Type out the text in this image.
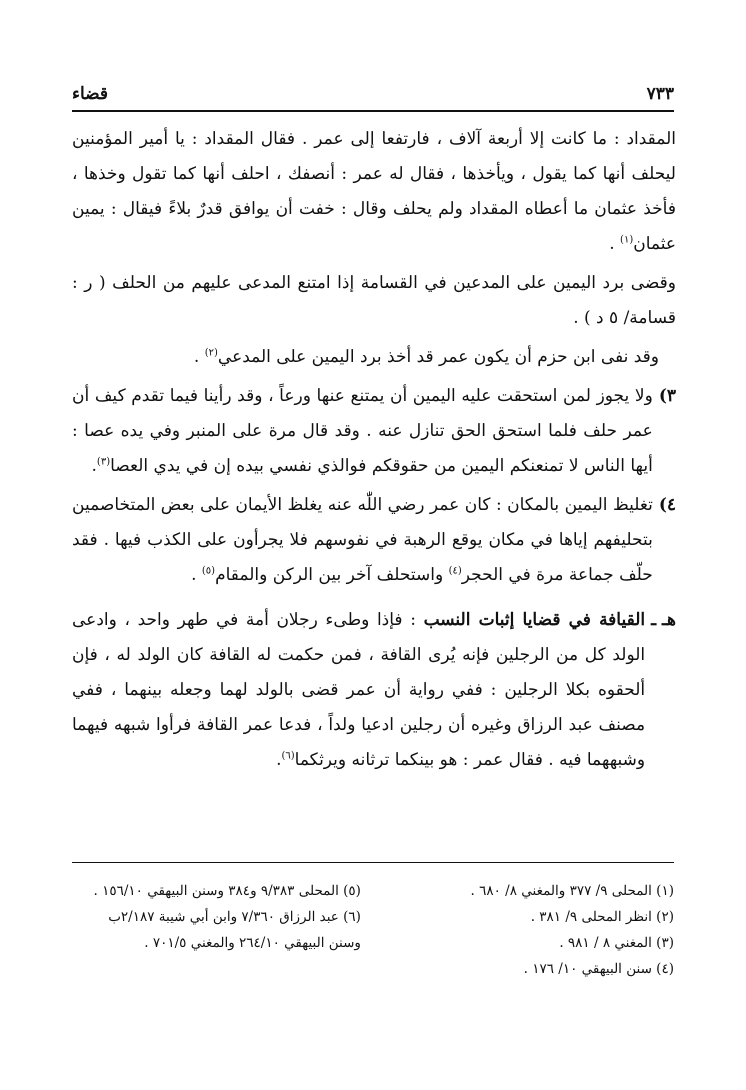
٧٣٣
قضاء

المقداد : ما كانت إلا أربعة آلاف ، فارتفعا إلى عمر . فقال المقداد : يا أمير المؤمنين ليحلف أنها كما يقول ، ويأخذها ، فقال له عمر : أنصفك ، احلف أنها كما تقول وخذها ، فأخذ عثمان ما أعطاه المقداد ولم يحلف وقال : خفت أن يوافق قدرٌ بلاءً فيقال : يمين عثمان$^{(١)}$ .

وقضى برد اليمين على المدعين في القسامة إذا امتنع المدعى عليهم من الحلف ( ر : قسامة/ ٥ د ) .

 وقد نفى ابن حزم أن يكون عمر قد أخذ برد اليمين على المدعي$^{(٢)}$ .

٣)
ولا يجوز لمن استحقت عليه اليمين أن يمتنع عنها ورعاً ، وقد رأينا فيما تقدم كيف أن عمر حلف فلما استحق الحق تنازل عنه . وقد قال مرة على المنبر وفي يده عصا : أيها الناس لا تمنعنكم اليمين من حقوقكم فوالذي نفسي بيده إن في يدي العصا$^{(٣)}$.
٤)
تغليظ اليمين بالمكان : كان عمر رضي اللّٰه عنه يغلظ الأيمان على بعض المتخاصمين بتحليفهم إياها في مكان يوقع الرهبة في نفوسهم فلا يجرأون على الكذب فيها . فقد حلّف جماعة مرة في الحجر$^{(٤)}$ واستحلف آخر بين الركن والمقام$^{(٥)}$ .
هـ ـ
القيافة في قضايا إثبات النسب : فإذا وطىء رجلان أمة في طهر واحد ، وادعى الولد كل من الرجلين فإنه يُرى القافة ، فمن حكمت له القافة كان الولد له ، فإن ألحقوه بكلا الرجلين : ففي رواية أن عمر قضى بالولد لهما وجعله بينهما ، ففي مصنف عبد الرزاق وغيره أن رجلين ادعيا ولداً ، فدعا عمر القافة فرأوا شبهه فيهما وشبههما فيه . فقال عمر : هو بينكما ترثانه ويرثكما$^{(٦)}$.

(١) المحلى ٩/ ٣٧٧ والمغني ٨/ ٦٨٠ .

(٢) انظر المحلى ٩/ ٣٨١ .

(٣) المغني ٨ / ٩٨١ .

(٤) سنن البيهقي ١٠/ ١٧٦ .

(٥) المحلى ٩/٣٨٣ و٣٨٤ وسنن البيهقي ١٥٦/١٠ .

(٦) عبد الرزاق ٧/٣٦٠ وابن أبي شيبة ٢/١٨٧ب وسنن البيهقي ٢٦٤/١٠ والمغني ٧٠١/٥ .
